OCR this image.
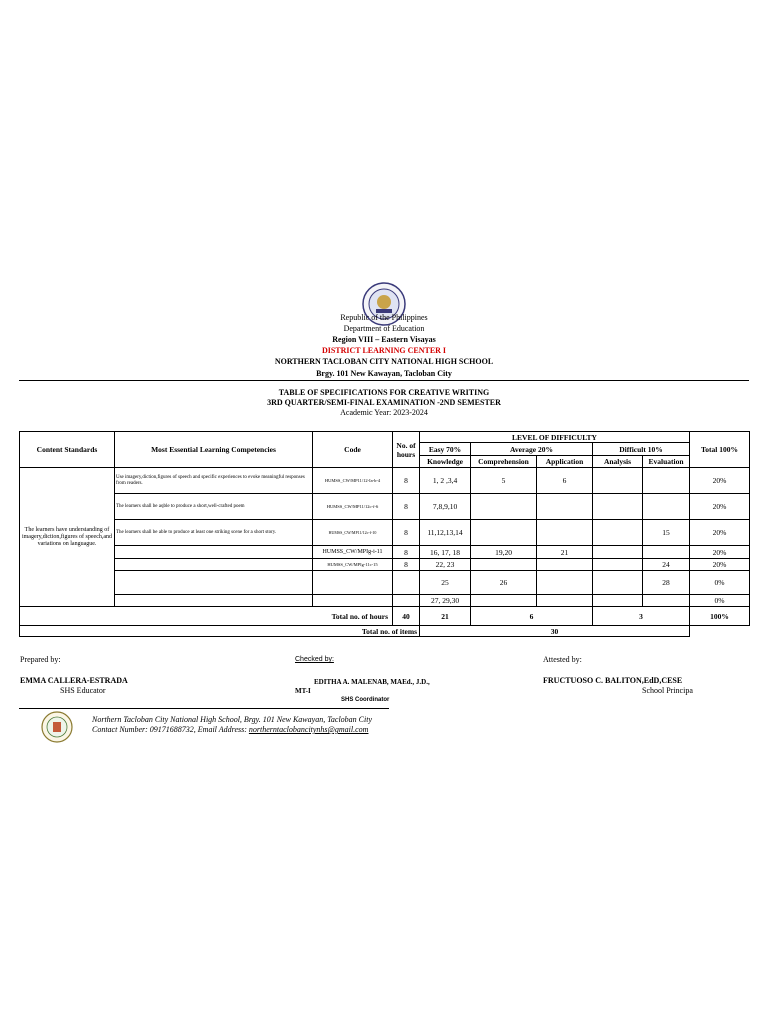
Republic of the Philippines
Department of Education
Region VIII – Eastern Visayas
DISTRICT LEARNING CENTER I
NORTHERN TACLOBAN CITY NATIONAL HIGH SCHOOL
Brgy. 101 New Kawayan, Tacloban City
TABLE OF SPECIFICATIONS FOR CREATIVE WRITING
3RD QUARTER/SEMI-FINAL EXAMINATION -2ND SEMESTER
Academic Year: 2023-2024
Content Standards	Most Essential Learning Competencies	Code	No. of hours	LEVEL OF DIFFICULTY					Total 100%
				Easy 70%	Average 20%		Difficult 10%		
				Knowledge	Comprehension	Application	Analysis	Evaluation	
The learners have understanding of imagery,diction,figures of speech,and variations on languague.	Use imagery,diction,figures of speech and specific experiences to evoke meaningful responses from readers.	HUMSS_CW/MP11/12-Ia-b-4	8	1, 2 ,3,4	5	6			20%
	The learners shall be aqble to produce a short,well-crafted poem	HUMSS_CW/MP11/12c-f-6	8	7,8,9,10					20%
	The learners shall be able to produce at least one striking scene for a short story.	HUMSS_CW/MP11/12c-f-10	8	11,12,13,14				15	20%
		HUMSS_CW/MPIg-i-11	8	16, 17, 18	19,20	21			20%
		HUMSS_CW/MPIg-11c-15	8	22, 23				24	20%
				25	26			28	0%
				27, 29,30					0%
Total no. of hours			40	21	6		3		100%
Total no. of items				30					
Prepared by:
EMMA CALLERA-ESTRADA
SHS Educator
Checked by:
EDITHA A. MALENAB, MAEd., J.D.,
MT-I
SHS Coordinator
Attested by:
FRUCTUOSO C. BALITON,EdD,CESE
School Principa
Northern Tacloban City National High School, Brgy. 101 New Kawayan, Tacloban City
Contact Number: 09171688732, Email Address: northerntaclobancitynhs@gmail.com
